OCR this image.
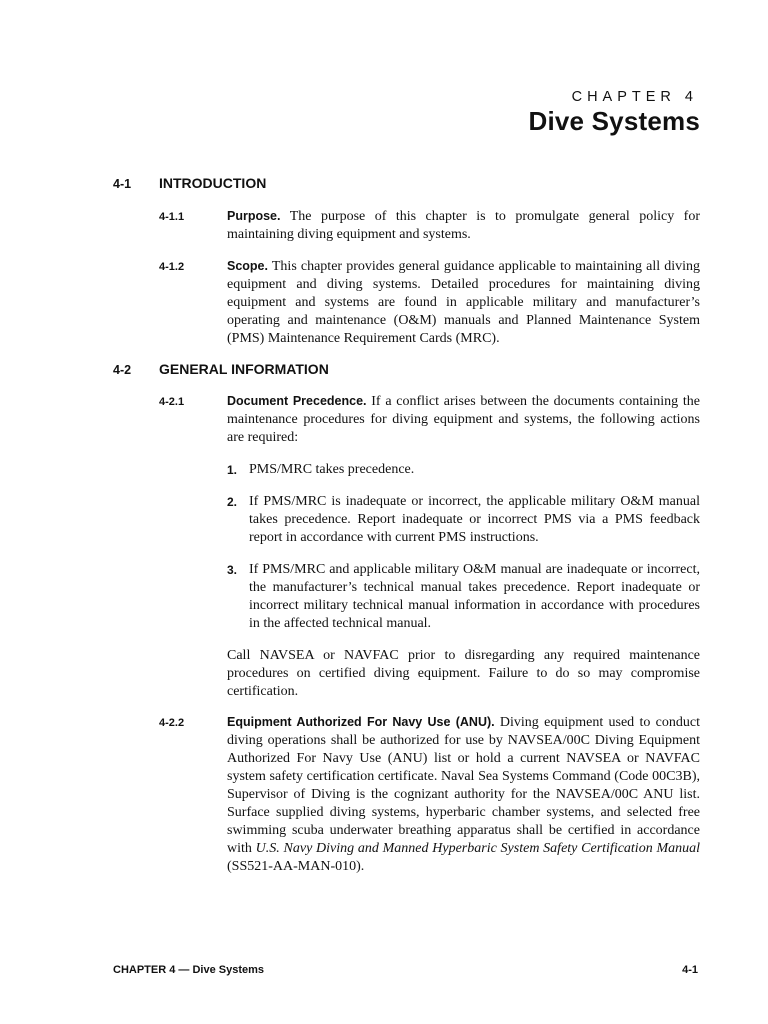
CHAPTER 4
Dive Systems
4-1 INTRODUCTION
4-1.1	Purpose. The purpose of this chapter is to promulgate general policy for maintaining diving equipment and systems.
4-1.2	Scope. This chapter provides general guidance applicable to maintaining all diving equipment and diving systems. Detailed procedures for maintaining diving equipment and systems are found in applicable military and manufacturer’s operating and maintenance (O&M) manuals and Planned Maintenance System (PMS) Maintenance Requirement Cards (MRC).
4-2 GENERAL INFORMATION
4-2.1	Document Precedence. If a conflict arises between the documents containing the maintenance procedures for diving equipment and systems, the following actions are required:
1. PMS/MRC takes precedence.
2. If PMS/MRC is inadequate or incorrect, the applicable military O&M manual takes precedence. Report inadequate or incorrect PMS via a PMS feedback report in accordance with current PMS instructions.
3. If PMS/MRC and applicable military O&M manual are inadequate or incorrect, the manufacturer’s technical manual takes precedence. Report inadequate or incorrect military technical manual information in accordance with procedures in the affected technical manual.
Call NAVSEA or NAVFAC prior to disregarding any required maintenance procedures on certified diving equipment. Failure to do so may compromise certification.
4-2.2	Equipment Authorized For Navy Use (ANU). Diving equipment used to conduct diving operations shall be authorized for use by NAVSEA/00C Diving Equipment Authorized For Navy Use (ANU) list or hold a current NAVSEA or NAVFAC system safety certification certificate. Naval Sea Systems Command (Code 00C3B), Supervisor of Diving is the cognizant authority for the NAVSEA/00C ANU list. Surface supplied diving systems, hyperbaric chamber systems, and selected free swimming scuba underwater breathing apparatus shall be certified in accordance with U.S. Navy Diving and Manned Hyperbaric System Safety Certification Manual (SS521-AA-MAN-010).
CHAPTER 4 — Dive Systems	4-1
